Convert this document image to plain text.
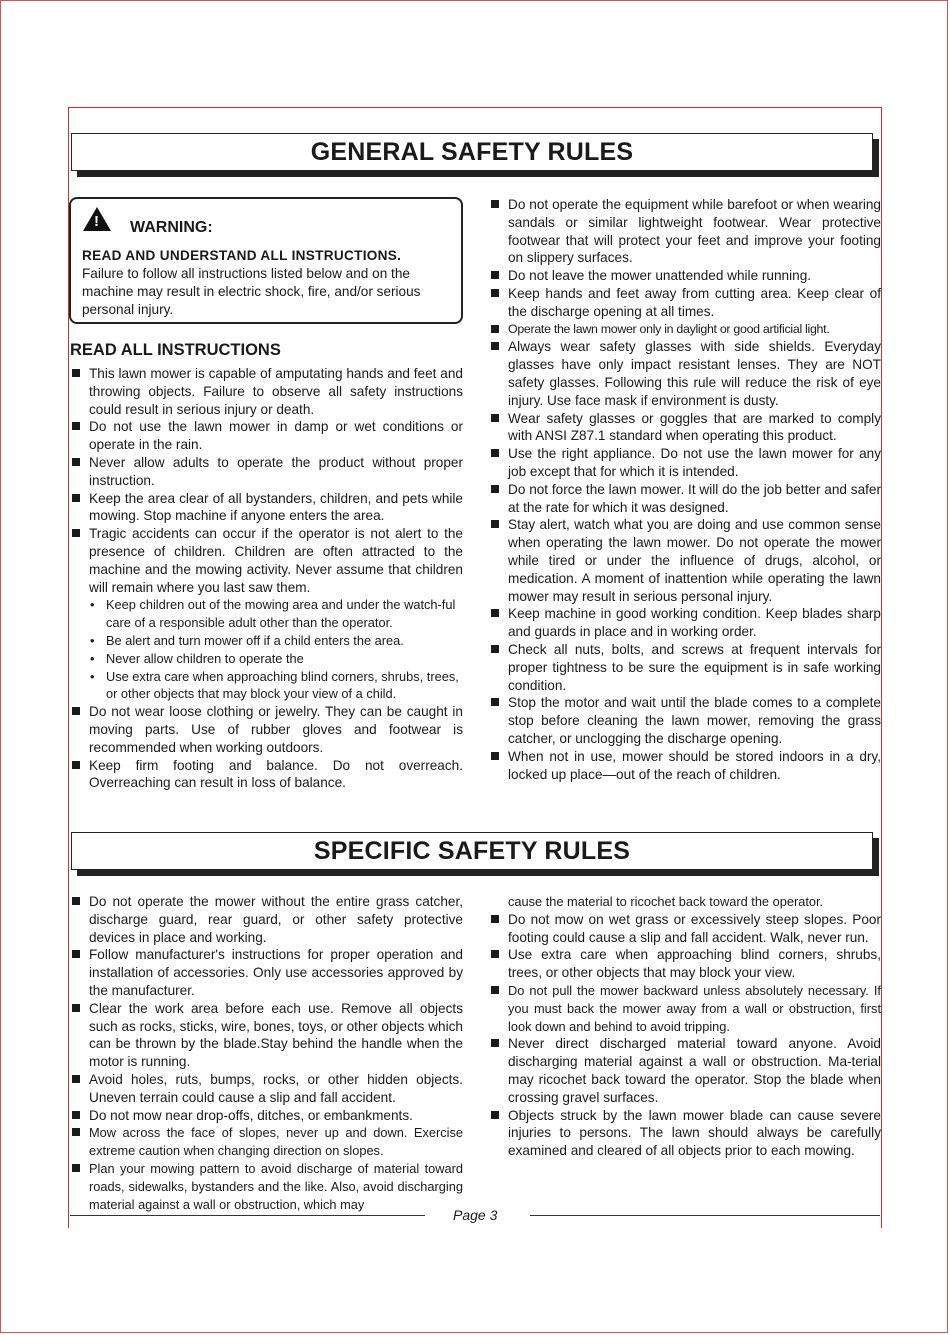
GENERAL SAFETY RULES
! WARNING:
READ AND UNDERSTAND ALL INSTRUCTIONS.
Failure to follow all instructions listed below and on the machine may result in electric shock, fire, and/or serious personal injury.
READ ALL INSTRUCTIONS
This lawn mower is capable of amputating hands and feet and throwing objects. Failure to observe all safety instructions could result in serious injury or death.
Do not use the lawn mower in damp or wet conditions or operate in the rain.
Never allow adults to operate the product without proper instruction.
Keep the area clear of all bystanders, children, and pets while mowing. Stop machine if anyone enters the area.
Tragic accidents can occur if the operator is not alert to the presence of children. Children are often attracted to the machine and the mowing activity. Never assume that children will remain where you last saw them.
• Keep children out of the mowing area and under the watch-ful care of a responsible adult other than the operator.
• Be alert and turn mower off if a child enters the area.
• Never allow children to operate the
• Use extra care when approaching blind corners, shrubs, trees, or other objects that may block your view of a child.
Do not wear loose clothing or jewelry. They can be caught in moving parts. Use of rubber gloves and footwear is recommended when working outdoors.
Keep firm footing and balance. Do not overreach. Overreaching can result in loss of balance.
Do not operate the equipment while barefoot or when wearing sandals or similar lightweight footwear. Wear protective footwear that will protect your feet and improve your footing on slippery surfaces.
Do not leave the mower unattended while running.
Keep hands and feet away from cutting area. Keep clear of the discharge opening at all times.
Operate the lawn mower only in daylight or good artificial light.
Always wear safety glasses with side shields. Everyday glasses have only impact resistant lenses. They are NOT safety glasses. Following this rule will reduce the risk of eye injury. Use face mask if environment is dusty.
Wear safety glasses or goggles that are marked to comply with ANSI Z87.1 standard when operating this product.
Use the right appliance. Do not use the lawn mower for any job except that for which it is intended.
Do not force the lawn mower. It will do the job better and safer at the rate for which it was designed.
Stay alert, watch what you are doing and use common sense when operating the lawn mower. Do not operate the mower while tired or under the influence of drugs, alcohol, or medication. A moment of inattention while operating the lawn mower may result in serious personal injury.
Keep machine in good working condition. Keep blades sharp and guards in place and in working order.
Check all nuts, bolts, and screws at frequent intervals for proper tightness to be sure the equipment is in safe working condition.
Stop the motor and wait until the blade comes to a complete stop before cleaning the lawn mower, removing the grass catcher, or unclogging the discharge opening.
When not in use, mower should be stored indoors in a dry, locked up place—out of the reach of children.
SPECIFIC SAFETY RULES
Do not operate the mower without the entire grass catcher, discharge guard, rear guard, or other safety protective devices in place and working.
Follow manufacturer's instructions for proper operation and installation of accessories. Only use accessories approved by the manufacturer.
Clear the work area before each use. Remove all objects such as rocks, sticks, wire, bones, toys, or other objects which can be thrown by the blade.Stay behind the handle when the motor is running.
Avoid holes, ruts, bumps, rocks, or other hidden objects. Uneven terrain could cause a slip and fall accident.
Do not mow near drop-offs, ditches, or embankments.
Mow across the face of slopes, never up and down. Exercise extreme caution when changing direction on slopes.
Plan your mowing pattern to avoid discharge of material toward roads, sidewalks, bystanders and the like. Also, avoid discharging material against a wall or obstruction, which may
cause the material to ricochet back toward the operator.
Do not mow on wet grass or excessively steep slopes. Poor footing could cause a slip and fall accident. Walk, never run.
Use extra care when approaching blind corners, shrubs, trees, or other objects that may block your view.
Do not pull the mower backward unless absolutely necessary. If you must back the mower away from a wall or obstruction, first look down and behind to avoid tripping.
Never direct discharged material toward anyone. Avoid discharging material against a wall or obstruction. Ma-terial may ricochet back toward the operator. Stop the blade when crossing gravel surfaces.
Objects struck by the lawn mower blade can cause severe injuries to persons. The lawn should always be carefully examined and cleared of all objects prior to each mowing.
Page 3
